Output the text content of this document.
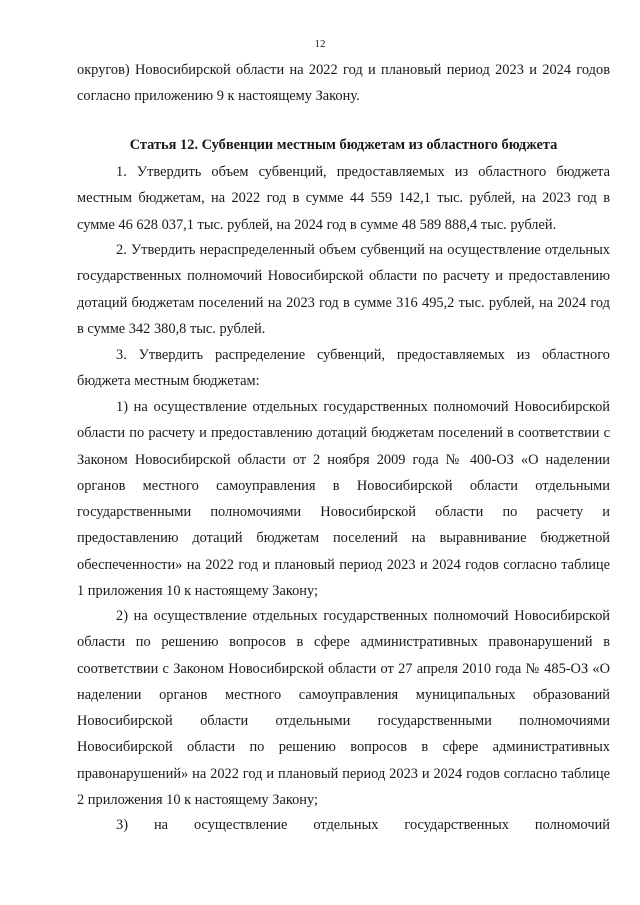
12
округов) Новосибирской области на 2022 год и плановый период 2023 и 2024 годов согласно приложению 9 к настоящему Закону.
Статья 12. Субвенции местным бюджетам из областного бюджета
1. Утвердить объем субвенций, предоставляемых из областного бюджета местным бюджетам, на 2022 год в сумме 44 559 142,1 тыс. рублей, на 2023 год в сумме 46 628 037,1 тыс. рублей, на 2024 год в сумме 48 589 888,4 тыс. рублей.
2. Утвердить нераспределенный объем субвенций на осуществление отдельных государственных полномочий Новосибирской области по расчету и предоставлению дотаций бюджетам поселений на 2023 год в сумме 316 495,2 тыс. рублей, на 2024 год в сумме 342 380,8 тыс. рублей.
3. Утвердить распределение субвенций, предоставляемых из областного бюджета местным бюджетам:
1) на осуществление отдельных государственных полномочий Новосибирской области по расчету и предоставлению дотаций бюджетам поселений в соответствии с Законом Новосибирской области от 2 ноября 2009 года № 400-ОЗ «О наделении органов местного самоуправления в Новосибирской области отдельными государственными полномочиями Новосибирской области по расчету и предоставлению дотаций бюджетам поселений на выравнивание бюджетной обеспеченности» на 2022 год и плановый период 2023 и 2024 годов согласно таблице 1 приложения 10 к настоящему Закону;
2) на осуществление отдельных государственных полномочий Новосибирской области по решению вопросов в сфере административных правонарушений в соответствии с Законом Новосибирской области от 27 апреля 2010 года № 485-ОЗ «О наделении органов местного самоуправления муниципальных образований Новосибирской области отдельными государственными полномочиями Новосибирской области по решению вопросов в сфере административных правонарушений» на 2022 год и плановый период 2023 и 2024 годов согласно таблице 2 приложения 10 к настоящему Закону;
3) на осуществление отдельных государственных полномочий
